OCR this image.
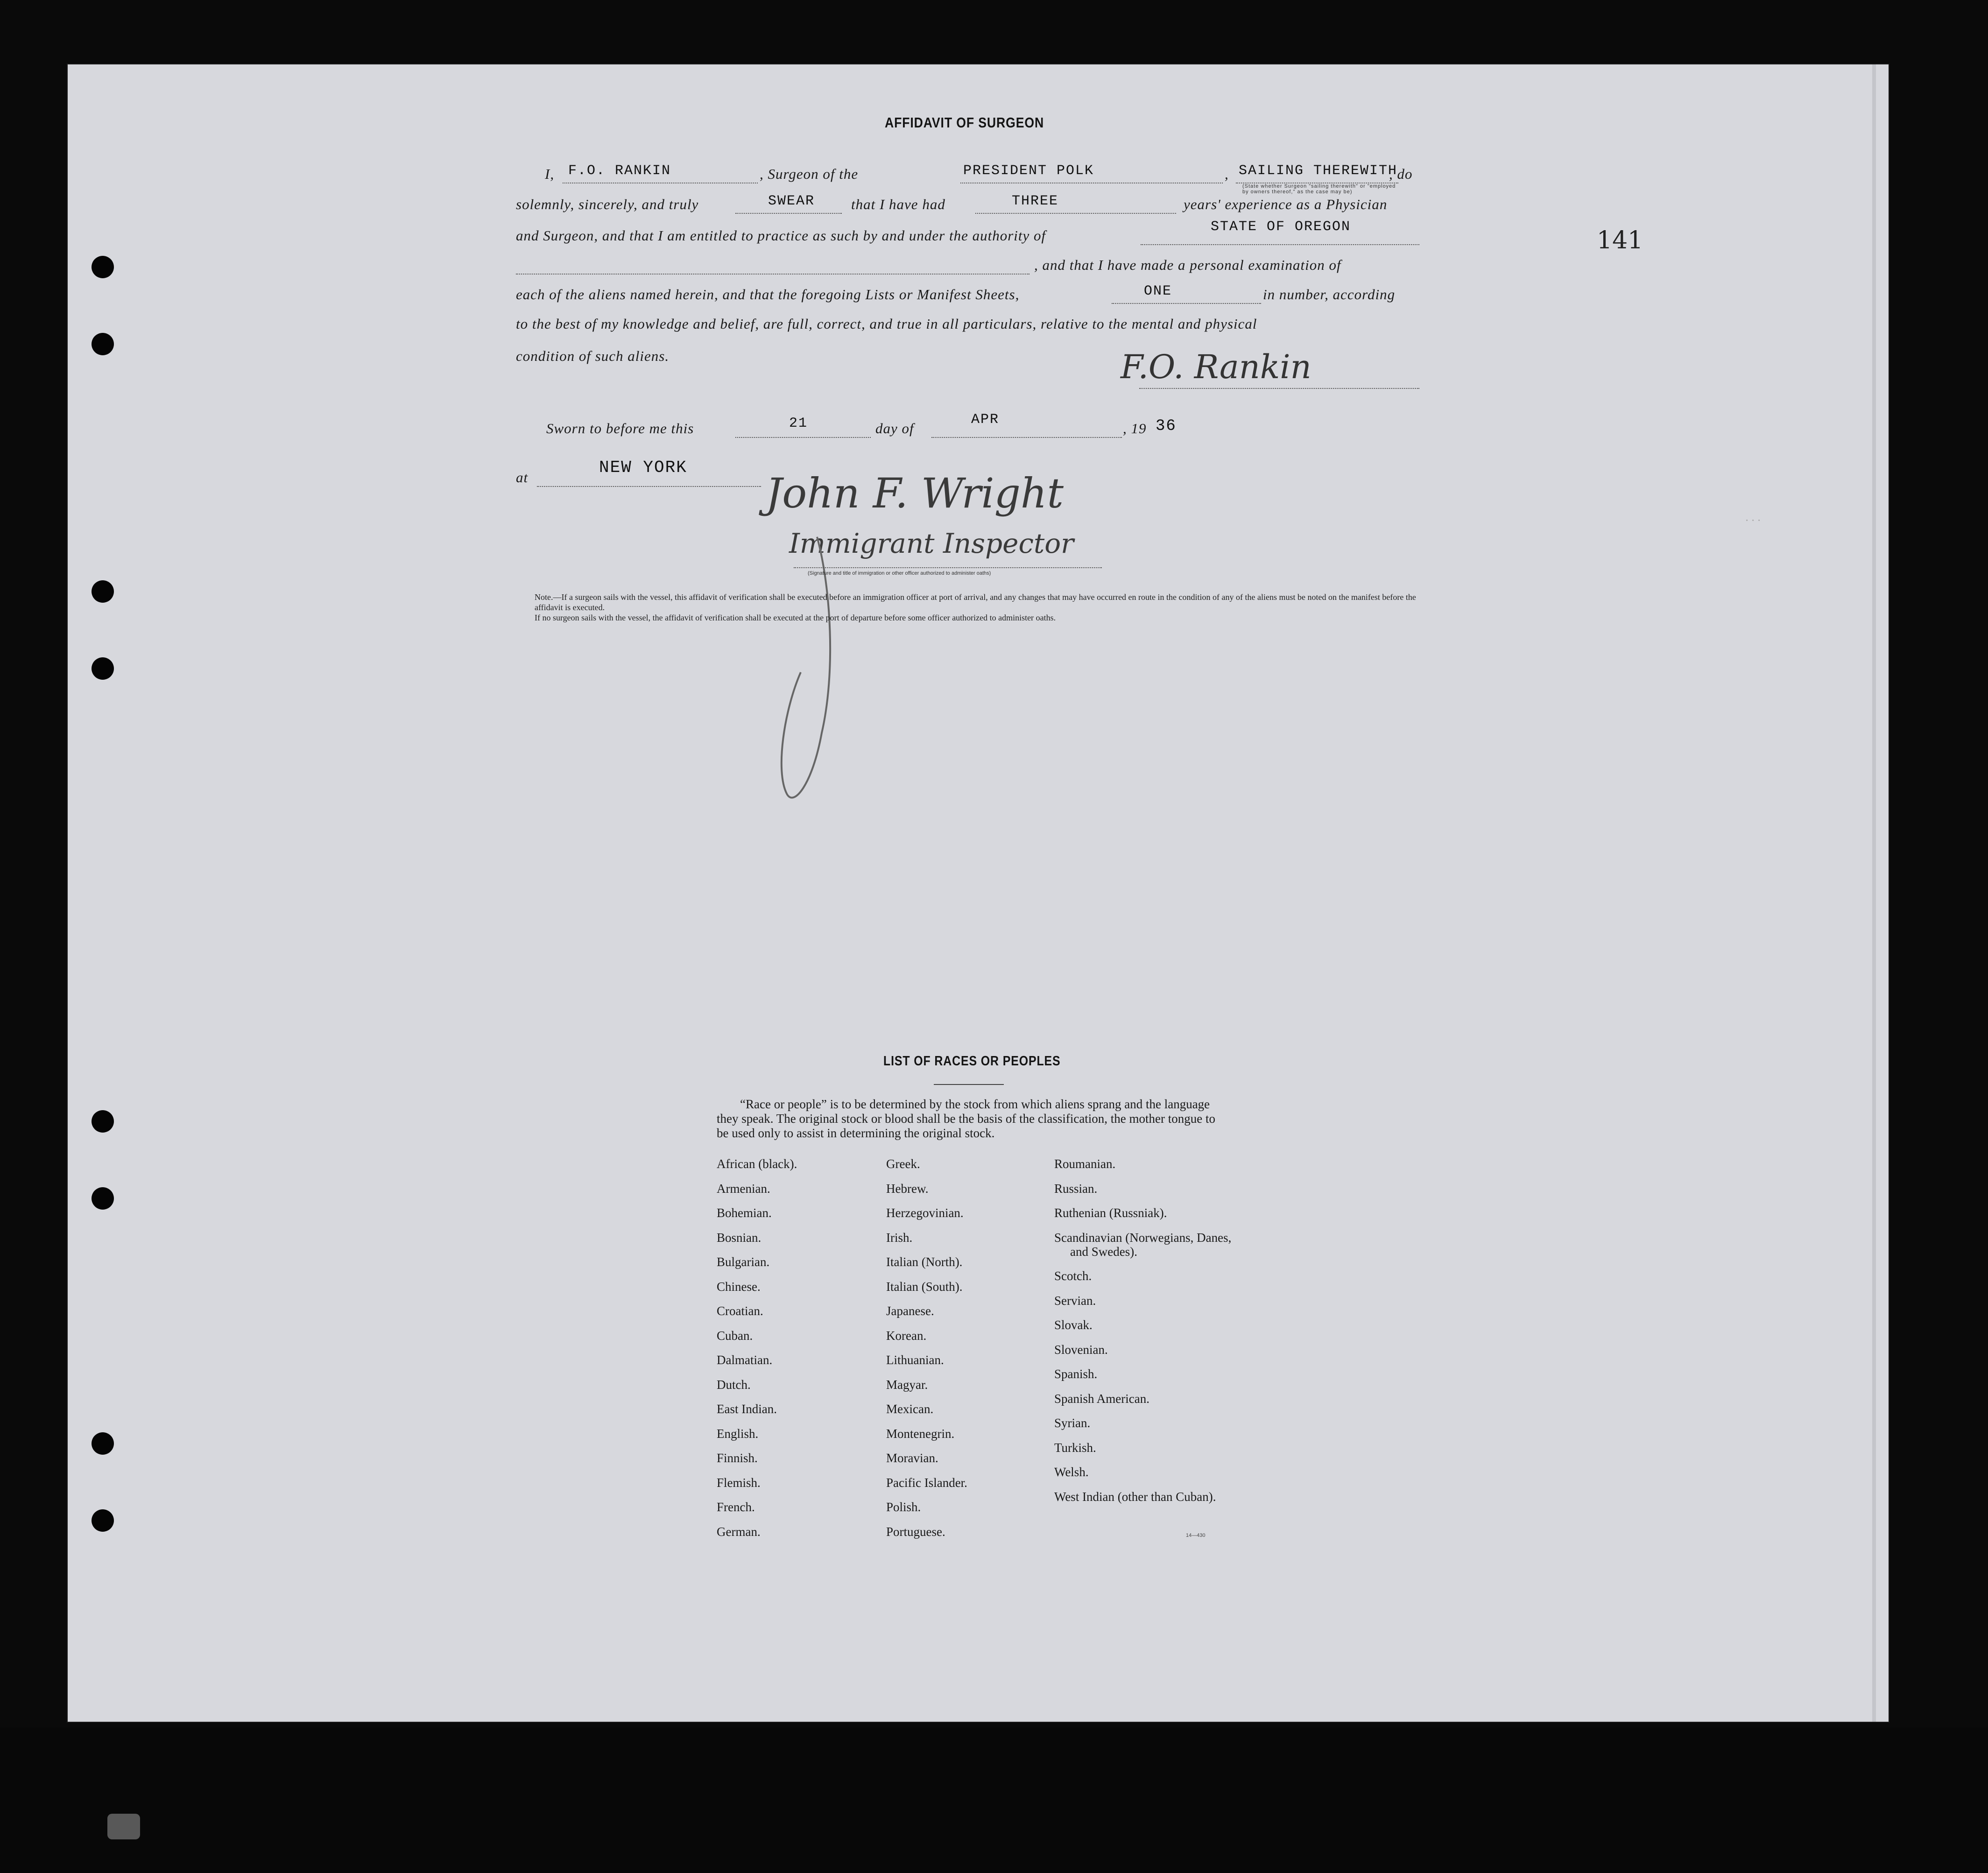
141
AFFIDAVIT OF SURGEON
I, F.O. RANKIN	, Surgeon of the	PRESIDENT POLK	, SAILING THEREWITH
, do
(State whether Surgeon "sailing therewith" or "employed by owners thereof," as the case may be)
solemnly, sincerely, and truly	SWEAR	that I have had	THREE	years' experience as a Physician
and Surgeon, and that I am entitled to practice as such by and under the authority of
STATE OF OREGON
, and that I have made a personal examination of
each of the aliens named herein, and that the foregoing Lists or Manifest Sheets,	ONE	in number, according
to the best of my knowledge and belief, are full, correct, and true in all particulars, relative to the mental and physical
condition of such aliens.	F.O. Rankin
Sworn to before me this	21	day of
APR
, 19 36
at
NEW YORK
John F. Wright
Immigrant Inspector
(Signature and title of immigration or other officer authorized to administer oaths)
Note.—If a surgeon sails with the vessel, this affidavit of verification shall be executed before an immigration officer at port of arrival, and any changes that may have occurred en route in the condition of any of the aliens must be noted on the manifest before the affidavit is executed.
If no surgeon sails with the vessel, the affidavit of verification shall be executed at the port of departure before some officer authorized to administer oaths.
· · ·
LIST OF RACES OR PEOPLES
“Race or people” is to be determined by the stock from which aliens sprang and the language they speak. The original stock or blood shall be the basis of the classification, the mother tongue to be used only to assist in determining the original stock.
African (black).
Armenian.
Bohemian.
Bosnian.
Bulgarian.
Chinese.
Croatian.
Cuban.
Dalmatian.
Dutch.
East Indian.
English.
Finnish.
Flemish.
French.
German.
Greek.
Hebrew.
Herzegovinian.
Irish.
Italian (North).
Italian (South).
Japanese.
Korean.
Lithuanian.
Magyar.
Mexican.
Montenegrin.
Moravian.
Pacific Islander.
Polish.
Portuguese.
Roumanian.
Russian.
Ruthenian (Russniak).
Scandinavian (Norwegians, Danes, and Swedes).
Scotch.
Servian.
Slovak.
Slovenian.
Spanish.
Spanish American.
Syrian.
Turkish.
Welsh.
West Indian (other than Cuban).
14—430
